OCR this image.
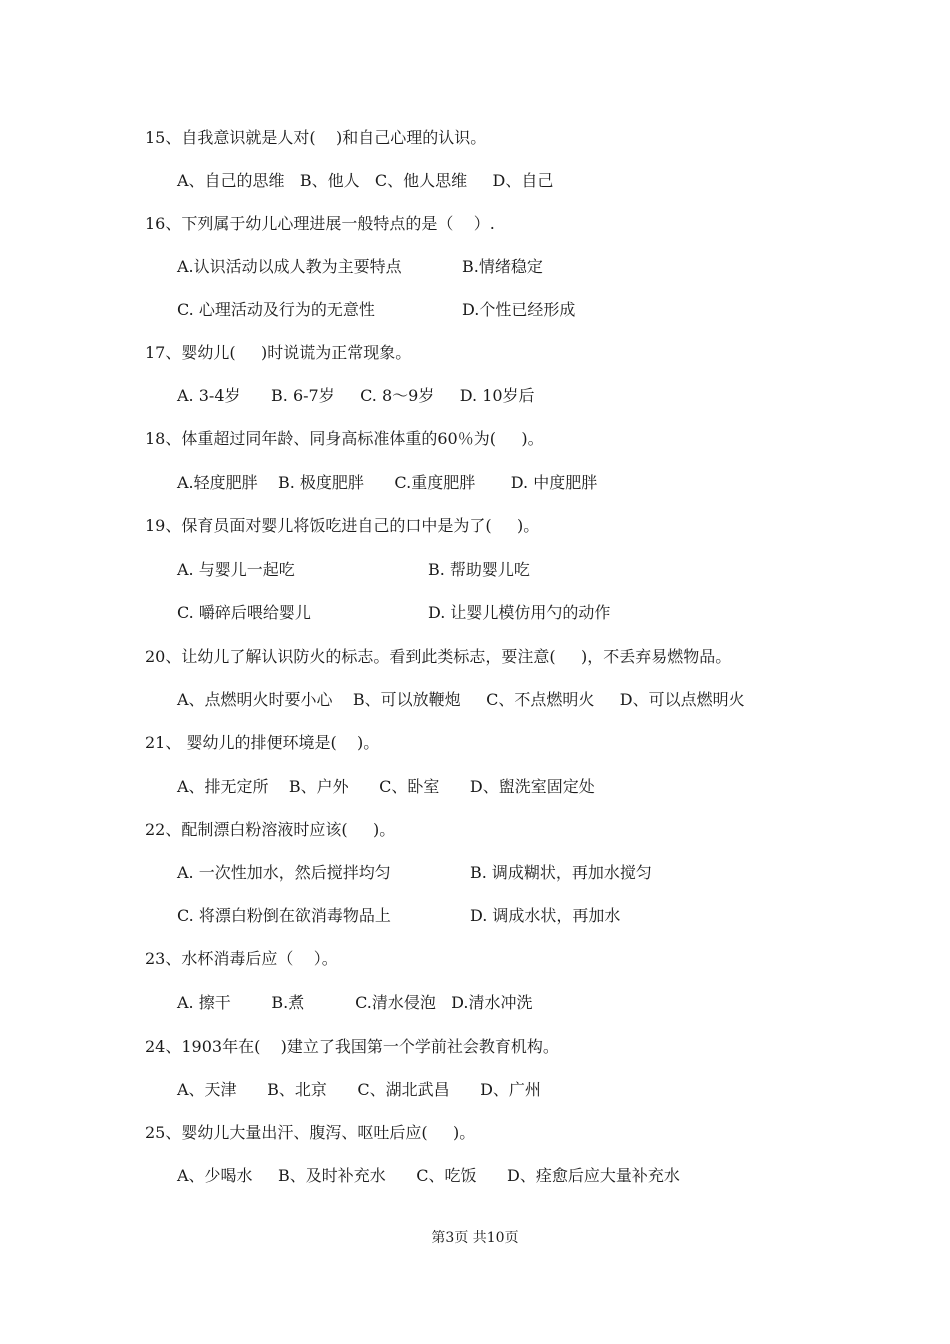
15、自我意识就是人对(    )和自己心理的认识。
A、自己的思维   B、他人   C、他人思维     D、自己
16、下列属于幼儿心理进展一般特点的是（    ）.
A.认识活动以成人教为主要特点	B.情绪稳定
C. 心理活动及行为的无意性	D.个性已经形成
17、婴幼儿(     )时说谎为正常现象。
A. 3-4岁      B. 6-7岁     C. 8～9岁     D. 10岁后
18、体重超过同年龄、同身高标准体重的60％为(     )。
A.轻度肥胖    B. 极度肥胖      C.重度肥胖       D. 中度肥胖
19、保育员面对婴儿将饭吃进自己的口中是为了(     )。
A. 与婴儿一起吃	B. 帮助婴儿吃
C. 嚼碎后喂给婴儿	D. 让婴儿模仿用勺的动作
20、让幼儿了解认识防火的标志。看到此类标志，要注意(     )，不丢弃易燃物品。
A、点燃明火时要小心    B、可以放鞭炮     C、不点燃明火     D、可以点燃明火
21、 婴幼儿的排便环境是(    )。
A、排无定所    B、户外      C、卧室      D、盥洗室固定处
22、配制漂白粉溶液时应该(     )。
A. 一次性加水，然后搅拌均匀	B. 调成糊状，再加水搅匀
C. 将漂白粉倒在欲消毒物品上	D. 调成水状，再加水
23、水杯消毒后应（    ）。
A. 擦干        B.煮          C.清水侵泡   D.清水冲洗
24、1903年在(    )建立了我国第一个学前社会教育机构。
A、天津      B、北京      C、湖北武昌      D、广州
25、婴幼儿大量出汗、腹泻、呕吐后应(     )。
A、少喝水     B、及时补充水      C、吃饭      D、痊愈后应大量补充水
第3页 共10页
